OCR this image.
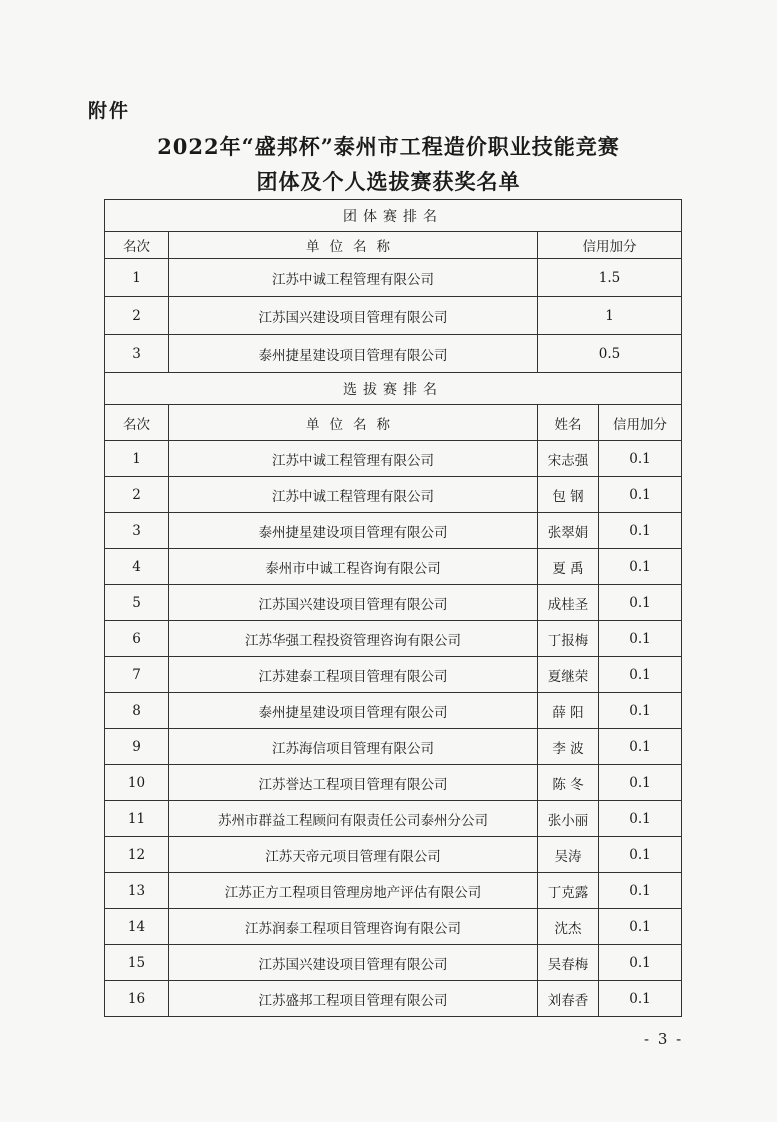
附件
2022年“盛邦杯”泰州市工程造价职业技能竞赛
团体及个人选拔赛获奖名单
团体赛排名			
名次	单位名称	信用加分	
1	江苏中诚工程管理有限公司	1.5	
2	江苏国兴建设项目管理有限公司	1	
3	泰州捷星建设项目管理有限公司	0.5	
选拔赛排名			
名次	单位名称	姓名	信用加分
1	江苏中诚工程管理有限公司	宋志强	0.1
2	江苏中诚工程管理有限公司	包 钢	0.1
3	泰州捷星建设项目管理有限公司	张翠娟	0.1
4	泰州市中诚工程咨询有限公司	夏 禹	0.1
5	江苏国兴建设项目管理有限公司	成桂圣	0.1
6	江苏华强工程投资管理咨询有限公司	丁报梅	0.1
7	江苏建泰工程项目管理有限公司	夏继荣	0.1
8	泰州捷星建设项目管理有限公司	薛 阳	0.1
9	江苏海信项目管理有限公司	李 波	0.1
10	江苏誉达工程项目管理有限公司	陈 冬	0.1
11	苏州市群益工程顾问有限责任公司泰州分公司	张小丽	0.1
12	江苏天帝元项目管理有限公司	吴涛	0.1
13	江苏正方工程项目管理房地产评估有限公司	丁克露	0.1
14	江苏润泰工程项目管理咨询有限公司	沈杰	0.1
15	江苏国兴建设项目管理有限公司	吴春梅	0.1
16	江苏盛邦工程项目管理有限公司	刘春香	0.1
- 3 -
